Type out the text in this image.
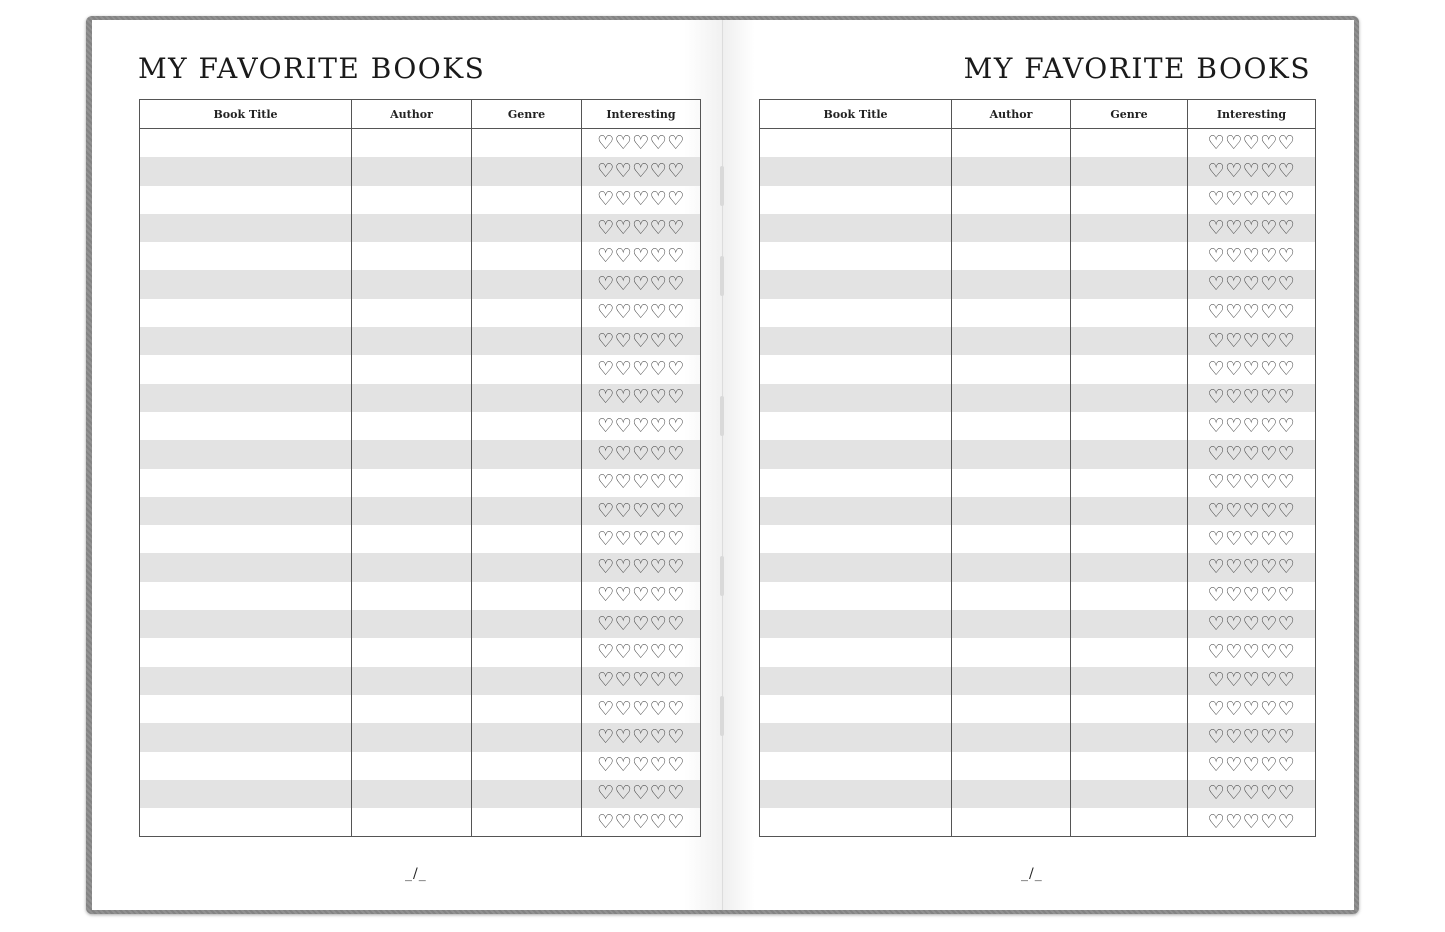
MY FAVORITE BOOKS
Book Title	Author	Genre	Interesting
			♡♡♡♡♡
			♡♡♡♡♡
			♡♡♡♡♡
			♡♡♡♡♡
			♡♡♡♡♡
			♡♡♡♡♡
			♡♡♡♡♡
			♡♡♡♡♡
			♡♡♡♡♡
			♡♡♡♡♡
			♡♡♡♡♡
			♡♡♡♡♡
			♡♡♡♡♡
			♡♡♡♡♡
			♡♡♡♡♡
			♡♡♡♡♡
			♡♡♡♡♡
			♡♡♡♡♡
			♡♡♡♡♡
			♡♡♡♡♡
			♡♡♡♡♡
			♡♡♡♡♡
			♡♡♡♡♡
			♡♡♡♡♡
			♡♡♡♡♡
_/_
MY FAVORITE BOOKS
Book Title	Author	Genre	Interesting
			♡♡♡♡♡
			♡♡♡♡♡
			♡♡♡♡♡
			♡♡♡♡♡
			♡♡♡♡♡
			♡♡♡♡♡
			♡♡♡♡♡
			♡♡♡♡♡
			♡♡♡♡♡
			♡♡♡♡♡
			♡♡♡♡♡
			♡♡♡♡♡
			♡♡♡♡♡
			♡♡♡♡♡
			♡♡♡♡♡
			♡♡♡♡♡
			♡♡♡♡♡
			♡♡♡♡♡
			♡♡♡♡♡
			♡♡♡♡♡
			♡♡♡♡♡
			♡♡♡♡♡
			♡♡♡♡♡
			♡♡♡♡♡
			♡♡♡♡♡
_/_
